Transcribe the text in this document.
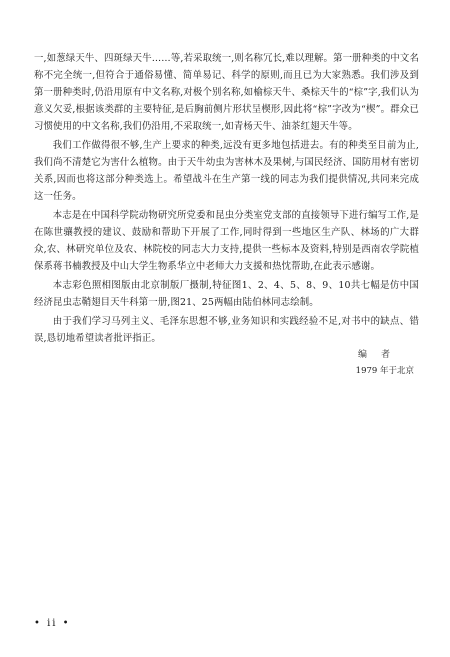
一,如葱绿天牛、四斑绿天牛……等,若采取统一,则名称冗长,难以理解。第一册种类的中文名称不完全统一,但符合于通俗易懂、简单易记、科学的原则,而且已为大家熟悉。我们涉及到第一册种类时,仍沿用原有中文名称,对极个别名称,如榆棕天牛、桑棕天牛的“棕”字,我们认为意义欠妥,根据该类群的主要特征,是后胸前侧片形状呈楔形,因此将“棕”字改为“楔”。群众已习惯使用的中文名称,我们仍沿用,不采取统一,如青杨天牛、油茶红翅天牛等。

我们工作做得很不够,生产上要求的种类,远没有更多地包括进去。有的种类至目前为止,我们尚不清楚它为害什么植物。由于天牛幼虫为害林木及果树,与国民经济、国防用材有密切关系,因而也将这部分种类选上。希望战斗在生产第一线的同志为我们提供情况,共同来完成这一任务。

本志是在中国科学院动物研究所党委和昆虫分类室党支部的直接领导下进行编写工作,是在陈世骧教授的建议、鼓励和帮助下开展了工作,同时得到一些地区生产队、林场的广大群众,农、林研究单位及农、林院校的同志大力支持,提供一些标本及资料,特别是西南农学院植保系蒋书楠教授及中山大学生物系华立中老师大力支援和热忱帮助,在此表示感谢。

本志彩色照相图版由北京制版厂摄制,特征图1、2、4、5、8、9、10共七幅是仿中国经济昆虫志鞘翅目天牛科第一册,图21、25两幅由陆伯林同志绘制。

由于我们学习马列主义、毛泽东思想不够,业务知识和实践经验不足,对书中的缺点、错误,恳切地希望读者批评指正。

编者
1979 年于北京
• ii •
